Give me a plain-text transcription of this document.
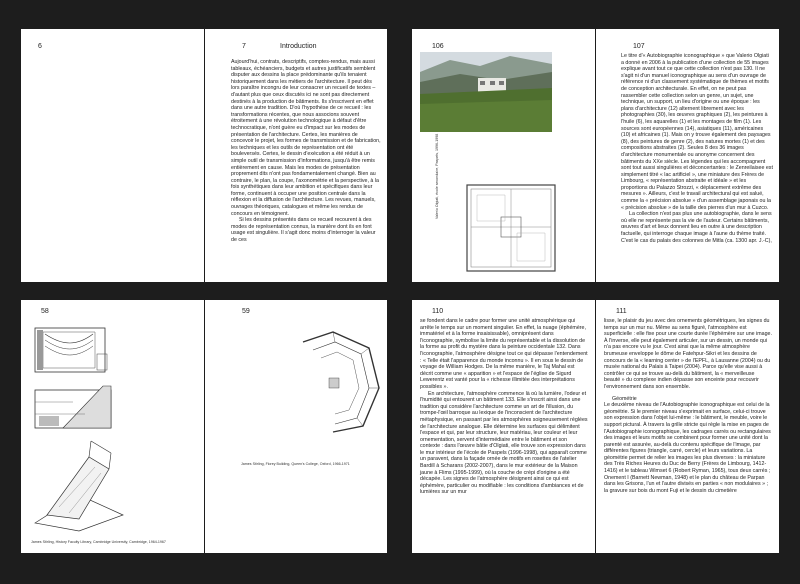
6	7	Introduction

Aujourd'hui, contrats, descriptifs, comptes-rendus, mais aussi tableaux, échéanciers, budgets et autres justificatifs semblent disputer aux dessins la place prédominante qu'ils tenaient historiquement dans les métiers de l'architecture. Il peut dès lors paraître incongru de leur consacrer un recueil de textes – d'autant plus que ceux discutés ici ne sont pas directement destinés à la production de bâtiments. Ils s'inscrivent en effet dans une autre tradition. D'où l'hypothèse de ce recueil : les transformations récentes, que nous associons souvent étroitement à une révolution technologique à défaut d'être technocratique, n'ont guère eu d'impact sur les modes de présentation de l'architecture. Certes, les manières de concevoir le projet, les formes de transmission et de fabrication, les techniques et les outils de représentation ont été bouleversés. Certes, le dessin d'exécution a été réduit à un simple outil de transmission d'informations, jusqu'à être remis entièrement en cause. Mais les modes de présentation proprement dits n'ont pas fondamentalement changé. Bien au contraire, le plan, la coupe, l'axonométrie et la perspective, à la fois synthétiques dans leur ambition et spécifiques dans leur forme, continuent à occuper une position centrale dans la réflexion et la diffusion de l'architecture. Les revues, manuels, ouvrages théoriques, catalogues et même les rendus de concours en témoignent.

Si les dessins présentés dans ce recueil recourent à des modes de représentation connus, la manière dont ils en font usage est singulière. Il s'agit donc moins d'interroger la valeur de ces

106
Valerio Olgiati, école secondaire, Paspels, 1996-1998
107

Le titre d'« Autobiographie iconographique » que Valerio Olgiati a donné en 2006 à la publication d'une collection de 55 images explique avant tout ce que cette collection n'est pas 130. Il ne s'agit ni d'un manuel iconographique au sens d'un ouvrage de référence ni d'un classement systématique de thèmes et motifs de conception architecturale. En effet, on ne peut pas rassembler cette collection selon un genre, un sujet, une technique, un support, un lieu d'origine ou une époque : les plans d'architecture (12) alternent librement avec les photographies (30), les œuvres graphiques (2), les peintures à l'huile (6), les aquarelles (1) et les montages de film (1). Les sources sont européennes (14), asiatiques (11), américaines (10) et africaines (1). Mais on y trouve également des paysages (8), des peintures de genre (2), des natures mortes (1) et des compositions abstraites (2). Seules 8 des 36 images d'architecture monumentale ou anonyme concernent des bâtiments du XXe siècle. Les légendes qui les accompagnent sont tout aussi singulières et déconcertantes : le Zenreilaisee est simplement titré « lac artificiel », une miniature des Frères de Limbourg, « représentation abstraite et idéale » et les proportions du Palazzo Strozzi, « déplacement extrême des mesures ». Ailleurs, c'est le travail architectural qui est salué, comme la « précision absolue » d'un assemblage japonais ou la « précision absolue » de la taille des pierres d'un mur à Cuzco.

La collection n'est pas plus une autobiographie, dans le sens où elle ne représente pas la vie de l'auteur. Certains bâtiments, œuvres d'art et lieux donnent lieu en outre à une description factuelle, qui interroge chaque image à l'aune du thème traité. C'est le cas du palais des colonnes de Mitla (ca. 1300 apr. J.-C),

58
James Stirling, History Faculty Library, Cambridge University, Cambridge, 1964-1967
59
James Stirling, Florey Building, Queen's College, Oxford, 1966-1971
110

se fondent dans le cadre pour former une unité atmosphérique qui arrête le temps sur un moment singulier. En effet, la nuage (éphémère, immatériel et à la forme insaisissable), omniprésent dans l'iconographie, symbolise la limite du représentable et la dissolution de la forme au profit du mystère dans la peinture occidentale 132. Dans l'iconographie, l'atmosphère désigne tout ce qui dépasse l'entendement : « Telle était l'apparence du monde inconnu ». Il en sous le dessin de voyage de William Hodges. De la même manière, le Taj Mahal est décrit comme une « apparition » et l'espace de l'église de Sigurd Lewerentz est vanté pour la « richesse illimitée des interprétations possibles ».

En architecture, l'atmosphère commence là où la lumière, l'odeur et l'humidité qui entourent un bâtiment 133. Elle s'inscrit ainsi dans une tradition qui considère l'architecture comme un art de l'illusion, du trompe-l'œil barroque au lexique de l'inconscient de l'architecture métaphysique, en passant par les atmosphères soigneusement réglées de l'architecture analogue. Elle détermine les surfaces qui délimitent l'espace et qui, par leur structure, leur matériau, leur couleur et leur ornementation, servent d'intermédiaire entre le bâtiment et son contexte : dans l'œuvre bâtie d'Olgiati, elle trouve son expression dans le mur intérieur de l'école de Paspels (1996-1998), qui apparaît comme un paravent, dans la façade ornée de motifs en rosettes de l'atelier Bardill à Scharans (2002-2007), dans le mur extérieur de la Maison jaune à Flims (1995-1999), où la couche de crépi d'origine a été décapée. Les signes de l'atmosphère désignent ainsi ce qui est éphémère, particulier ou modifiable : les conditions d'ambiances et de lumières sur un mur

111

lisse, le plaisir du jeu avec des ornements géométriques, les signes du temps sur un mur nu. Même au sens figuré, l'atmosphère est superficielle : elle fixe pour une courte durée l'éphémère sur une image. À l'inverse, elle peut également articuler, sur un dessin, un monde qui n'a pas encore vu le jour. C'est ainsi que la même atmosphère brumeuse enveloppe le dôme de Fatehpur-Sikri et les dessins de concours de la « learning center » de l'EPFL, à Lausanne (2004) ou du musée national du Palais à Taipei (2004). Parce qu'elle vise aussi à contrôler ce qui se trouve au-delà du bâtiment, la « merveilleuse beauté » du complexe indien dépasse son enceinte pour recouvrir l'environnement dans son ensemble.

Géométrie

Le deuxième niveau de l'Autobiographie iconographique est celui de la géométrie. Si le premier niveau s'exprimait en surface, celui-ci trouve son expression dans l'objet lui-même : le bâtiment, le meuble, voire le support pictural. À travers la grille stricte qui règle la mise en pages de l'Autobiographie iconographique, les cadrages carrés ou rectangulaires des images et leurs motifs se combinent pour former une unité dont la parenté est assurée, au-delà du contenu spécifique de l'image, par différentes figures (triangle, carré, cercle) et leurs variations. La géométrie permet de relier les images les plus diverses : la miniature des Très Riches Heures du Duc de Berry (Frères de Limbourg, 1412-1416) et le tableau Wimset 6 (Robert Ryman, 1965), tous deux carrés ; Onement I (Barnett Newman, 1948) et le plan du château de Parpan dans les Grisons, l'un et l'autre divisés en parties « non modulaires » ; la gravure sur bois du mont Fuji et le dessin du cimetière
